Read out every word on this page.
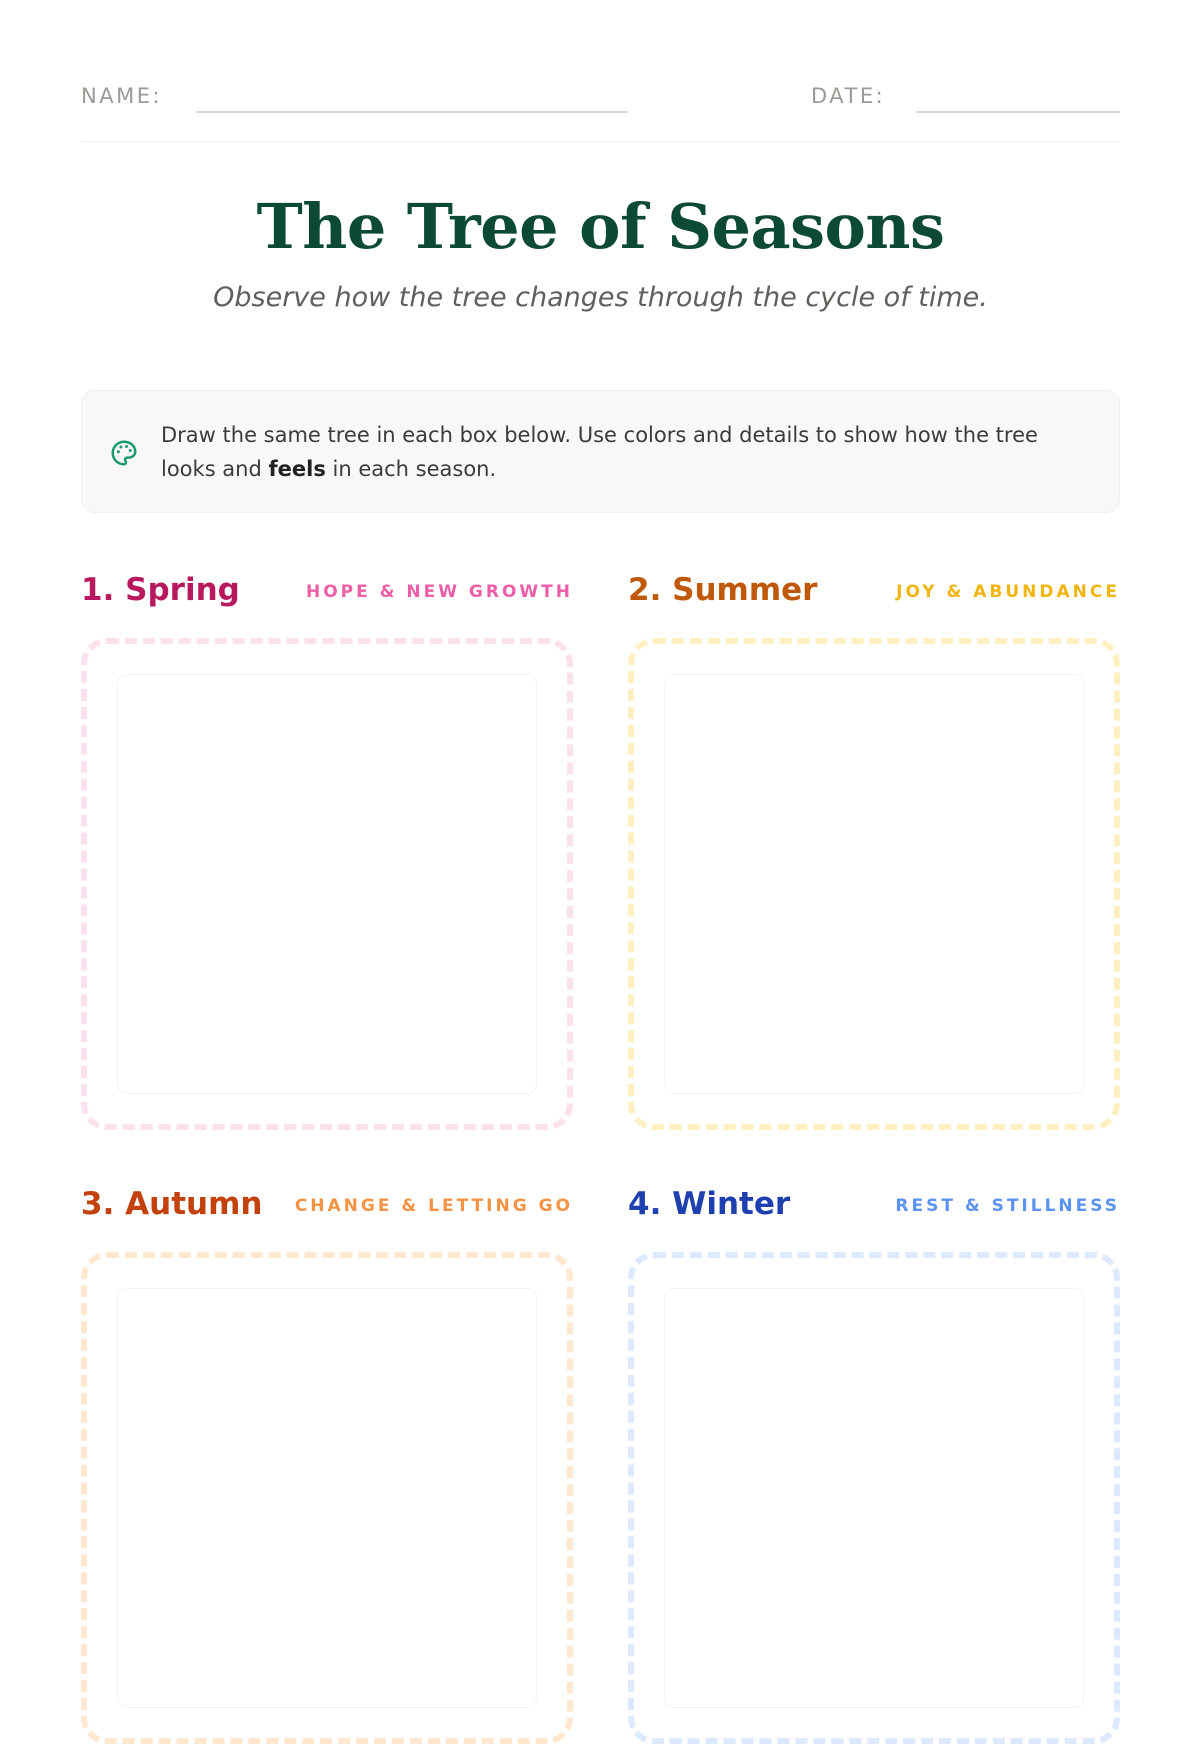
NAME:	DATE:
The Tree of Seasons
Observe how the tree changes through the cycle of time.
Draw the same tree in each box below. Use colors and details to show how the tree looks and feels in each season.
1. Spring	HOPE & NEW GROWTH 2. Summer	JOY & ABUNDANCE
3. Autumn CHANGE & LETTING GO 4. Winter	REST & STILLNESS
